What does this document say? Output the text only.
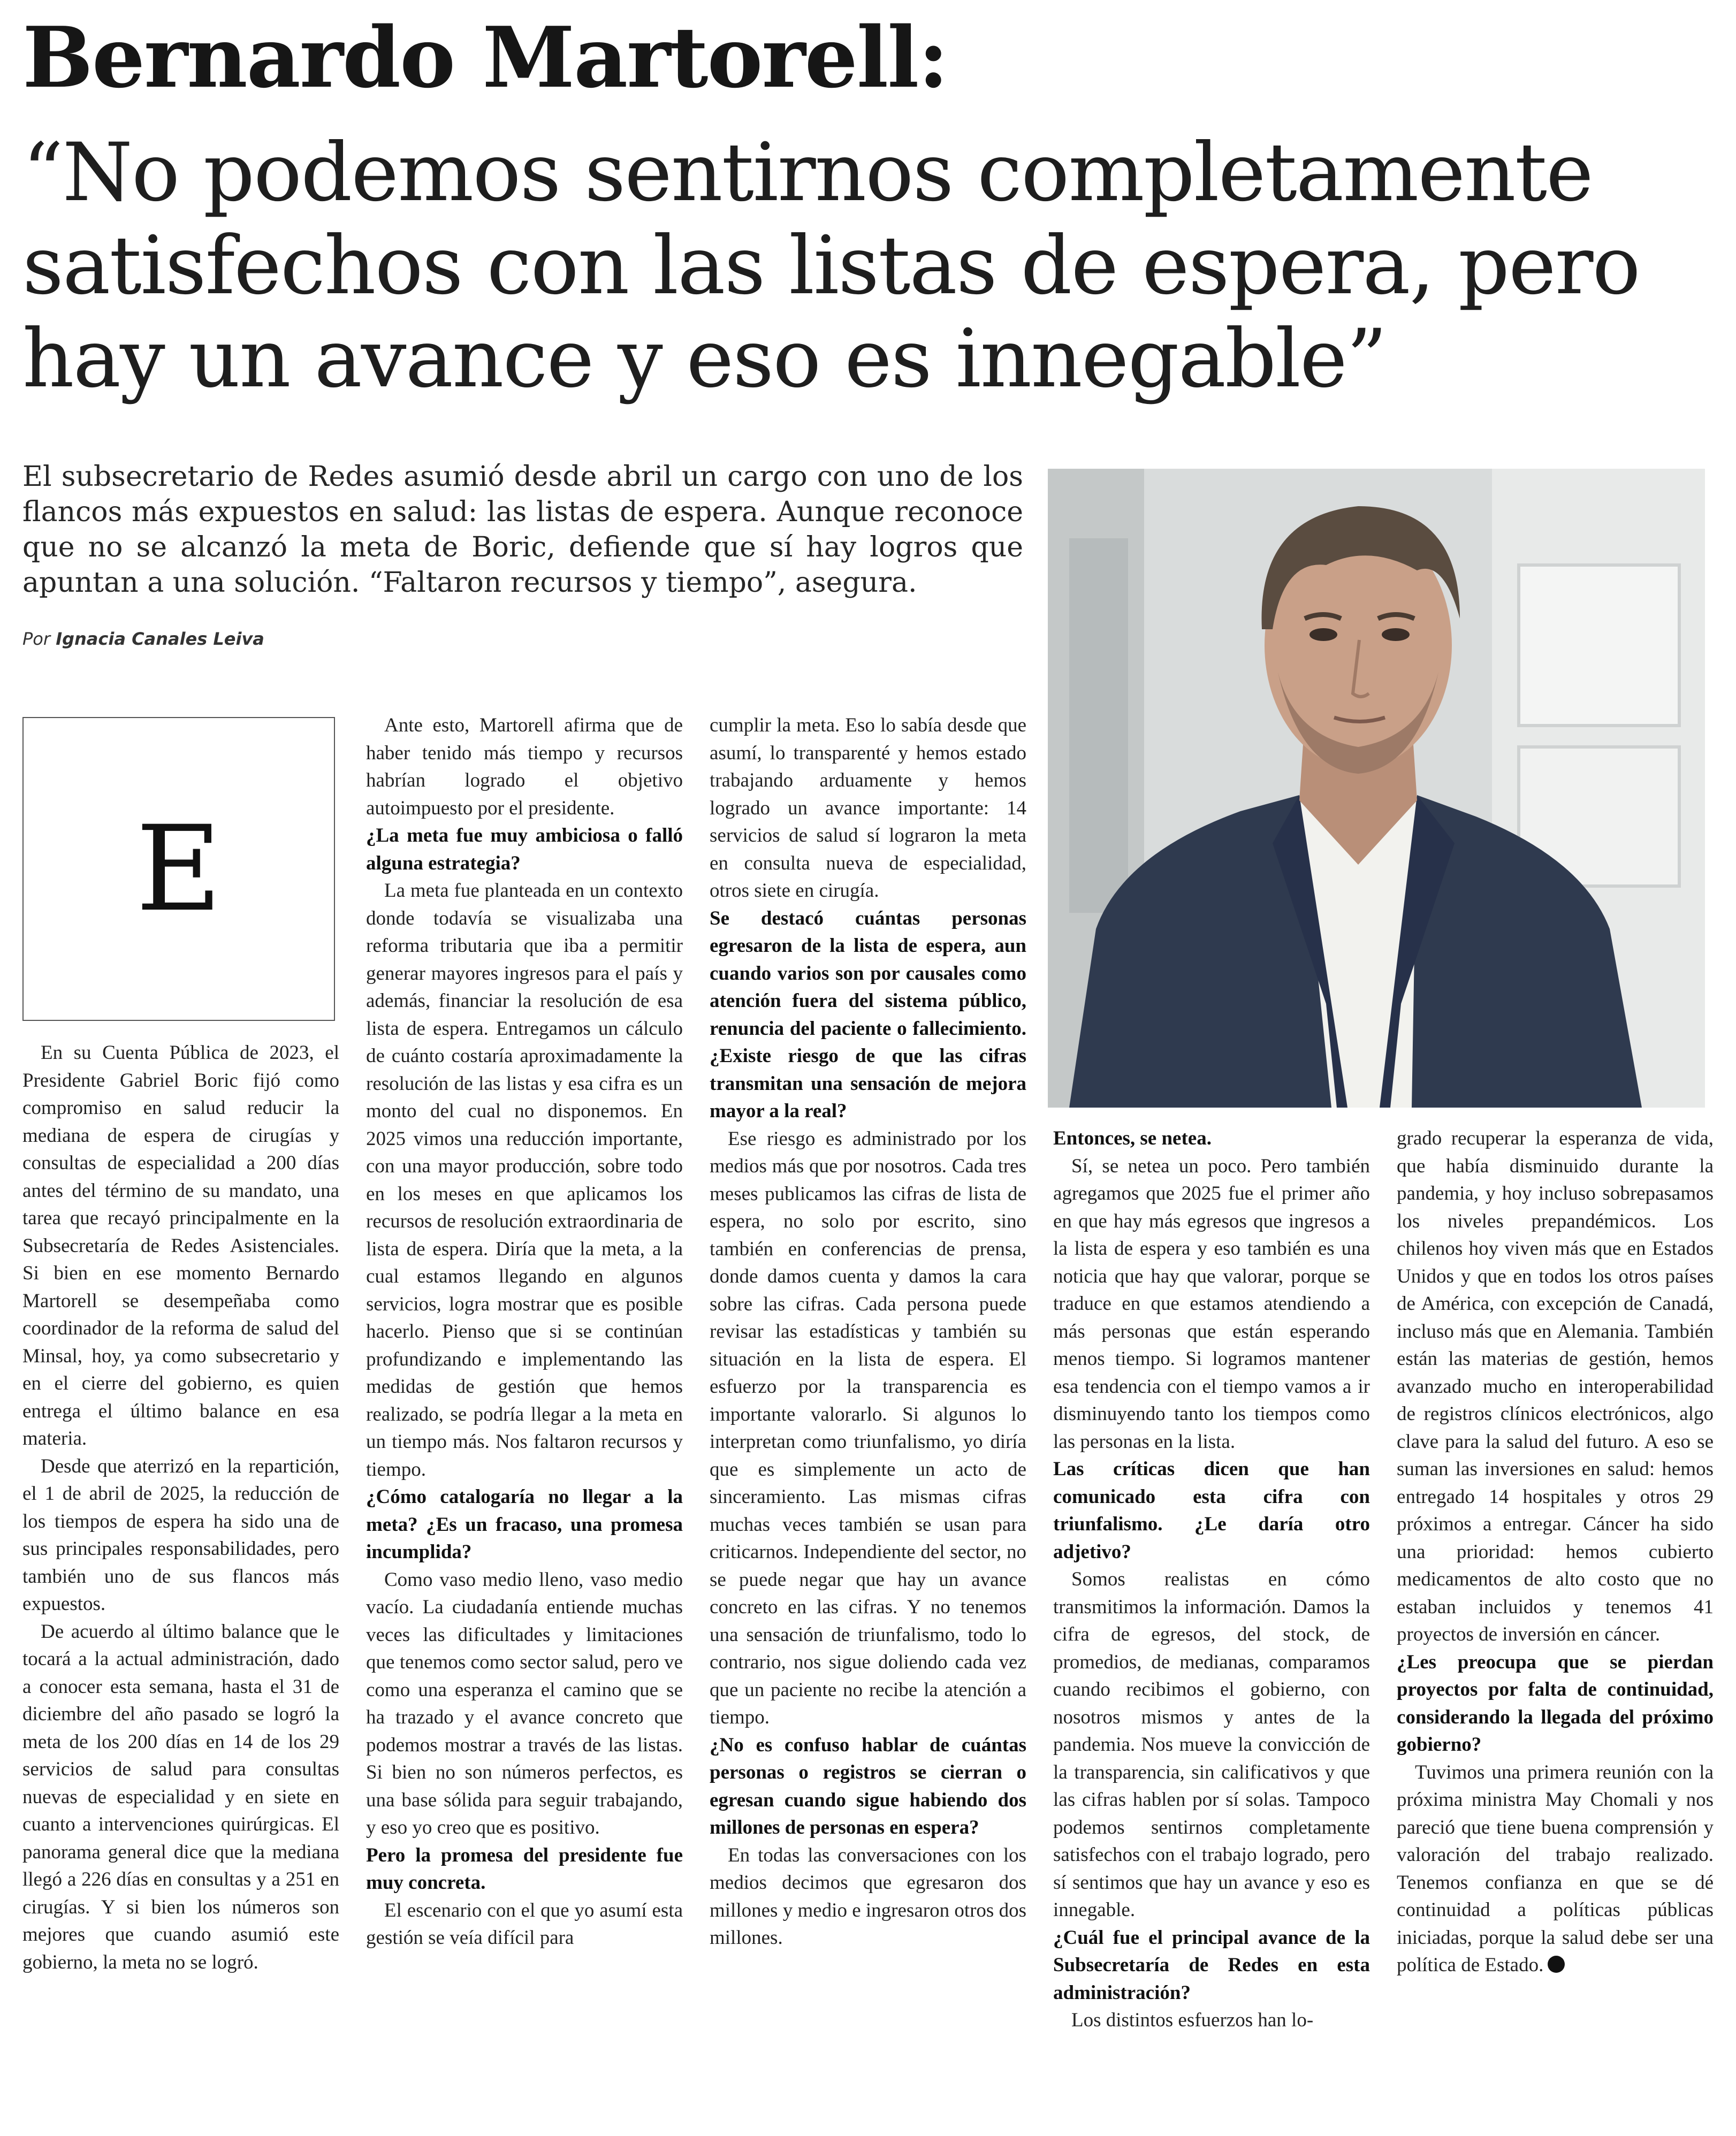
Bernardo Martorell:
“No podemos sentirnos completamente satisfechos con las listas de espera, pero hay un avance y eso es innegable”

El subsecretario de Redes asumió desde abril un cargo con uno de los flancos más expuestos en salud: las listas de espera. Aunque reconoce que no se alcanzó la meta de Boric, defiende que sí hay logros que apuntan a una solución. “Faltaron recursos y tiempo”, asegura.

Por Ignacia Canales Leiva
E

En su Cuenta Pública de 2023, el Presidente Gabriel Boric fijó como compromiso en salud reducir la mediana de espera de cirugías y consultas de especialidad a 200 días antes del término de su mandato, una tarea que recayó principalmente en la Subsecretaría de Redes Asistenciales. Si bien en ese momento Bernardo Martorell se desempeñaba como coordinador de la reforma de salud del Minsal, hoy, ya como subsecretario y en el cierre del gobierno, es quien entrega el último balance en esa materia.

Desde que aterrizó en la repartición, el 1 de abril de 2025, la reducción de los tiempos de espera ha sido una de sus principales responsabilidades, pero también uno de sus flancos más expuestos.

De acuerdo al último balance que le tocará a la actual administración, dado a conocer esta semana, hasta el 31 de diciembre del año pasado se logró la meta de los 200 días en 14 de los 29 servicios de salud para consultas nuevas de especialidad y en siete en cuanto a intervenciones quirúrgicas. El panorama general dice que la mediana llegó a 226 días en consultas y a 251 en cirugías. Y si bien los números son mejores que cuando asumió este gobierno, la meta no se logró.

Ante esto, Martorell afirma que de haber tenido más tiempo y recursos habrían logrado el objetivo autoimpuesto por el presidente.

¿La meta fue muy ambiciosa o falló alguna estrategia?

La meta fue planteada en un contexto donde todavía se visualizaba una reforma tributaria que iba a permitir generar mayores ingresos para el país y además, financiar la resolución de esa lista de espera. Entregamos un cálculo de cuánto costaría aproximadamente la resolución de las listas y esa cifra es un monto del cual no disponemos. En 2025 vimos una reducción importante, con una mayor producción, sobre todo en los meses en que aplicamos los recursos de resolución extraordinaria de lista de espera. Diría que la meta, a la cual estamos llegando en algunos servicios, logra mostrar que es posible hacerlo. Pienso que si se continúan profundizando e implementando las medidas de gestión que hemos realizado, se podría llegar a la meta en un tiempo más. Nos faltaron recursos y tiempo.

¿Cómo catalogaría no llegar a la meta? ¿Es un fracaso, una promesa incumplida?

Como vaso medio lleno, vaso medio vacío. La ciudadanía entiende muchas veces las dificultades y limitaciones que tenemos como sector salud, pero ve como una esperanza el camino que se ha trazado y el avance concreto que podemos mostrar a través de las listas. Si bien no son números perfectos, es una base sólida para seguir trabajando, y eso yo creo que es positivo.

Pero la promesa del presidente fue muy concreta.

El escenario con el que yo asumí esta gestión se veía difícil para

cumplir la meta. Eso lo sabía desde que asumí, lo transparenté y hemos estado trabajando arduamente y hemos logrado un avance importante: 14 servicios de salud sí lograron la meta en consulta nueva de especialidad, otros siete en cirugía.

Se destacó cuántas personas egresaron de la lista de espera, aun cuando varios son por causales como atención fuera del sistema público, renuncia del paciente o fallecimiento. ¿Existe riesgo de que las cifras transmitan una sensación de mejora mayor a la real?

Ese riesgo es administrado por los medios más que por nosotros. Cada tres meses publicamos las cifras de lista de espera, no solo por escrito, sino también en conferencias de prensa, donde damos cuenta y damos la cara sobre las cifras. Cada persona puede revisar las estadísticas y también su situación en la lista de espera. El esfuerzo por la transparencia es importante valorarlo. Si algunos lo interpretan como triunfalismo, yo diría que es simplemente un acto de sinceramiento. Las mismas cifras muchas veces también se usan para criticarnos. Independiente del sector, no se puede negar que hay un avance concreto en las cifras. Y no tenemos una sensación de triunfalismo, todo lo contrario, nos sigue doliendo cada vez que un paciente no recibe la atención a tiempo.

¿No es confuso hablar de cuántas personas o registros se cierran o egresan cuando sigue habiendo dos millones de personas en espera?

En todas las conversaciones con los medios decimos que egresaron dos millones y medio e ingresaron otros dos millones.

Entonces, se netea.

Sí, se netea un poco. Pero también agregamos que 2025 fue el primer año en que hay más egresos que ingresos a la lista de espera y eso también es una noticia que hay que valorar, porque se traduce en que estamos atendiendo a más personas que están esperando menos tiempo. Si logramos mantener esa tendencia con el tiempo vamos a ir disminuyendo tanto los tiempos como las personas en la lista.

Las críticas dicen que han comunicado esta cifra con triunfalismo. ¿Le daría otro adjetivo?

Somos realistas en cómo transmitimos la información. Damos la cifra de egresos, del stock, de promedios, de medianas, comparamos cuando recibimos el gobierno, con nosotros mismos y antes de la pandemia. Nos mueve la convicción de la transparencia, sin calificativos y que las cifras hablen por sí solas. Tampoco podemos sentirnos completamente satisfechos con el trabajo logrado, pero sí sentimos que hay un avance y eso es innegable.

¿Cuál fue el principal avance de la Subsecretaría de Redes en esta administración?

Los distintos esfuerzos han lo-

grado recuperar la esperanza de vida, que había disminuido durante la pandemia, y hoy incluso sobrepasamos los niveles prepandémicos. Los chilenos hoy viven más que en Estados Unidos y que en todos los otros países de América, con excepción de Canadá, incluso más que en Alemania. También están las materias de gestión, hemos avanzado mucho en interoperabilidad de registros clínicos electrónicos, algo clave para la salud del futuro. A eso se suman las inversiones en salud: hemos entregado 14 hospitales y otros 29 próximos a entregar. Cáncer ha sido una prioridad: hemos cubierto medicamentos de alto costo que no estaban incluidos y tenemos 41 proyectos de inversión en cáncer.

¿Les preocupa que se pierdan proyectos por falta de continuidad, considerando la llegada del próximo gobierno?

Tuvimos una primera reunión con la próxima ministra May Chomali y nos pareció que tiene buena comprensión y valoración del trabajo realizado. Tenemos confianza en que se dé continuidad a políticas públicas iniciadas, porque la salud debe ser una política de Estado.
